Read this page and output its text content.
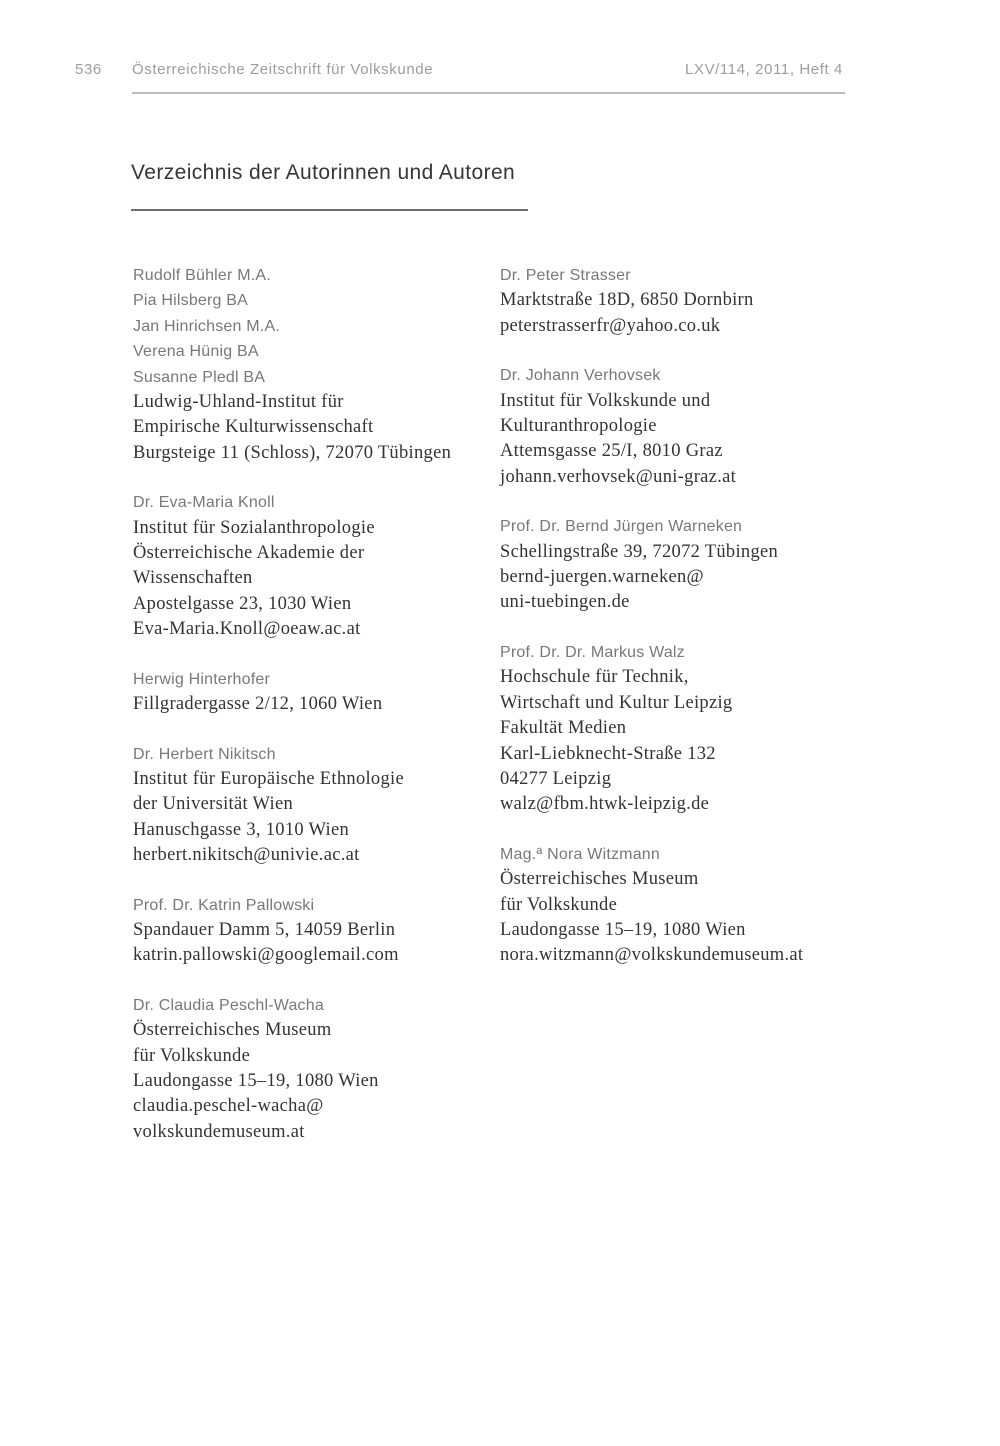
536 Österreichische Zeitschrift für Volkskunde	LXV/114, 2011, Heft 4
Verzeichnis der Autorinnen und Autoren
Rudolf Bühler M.A.
Pia Hilsberg BA
Jan Hinrichsen M.A.
Verena Hünig BA
Susanne Pledl BA
Ludwig-Uhland-Institut für
Empirische Kulturwissenschaft
Burgsteige 11 (Schloss), 72070 Tübingen
Dr. Eva-Maria Knoll
Institut für Sozialanthropologie
Österreichische Akademie der
Wissenschaften
Apostelgasse 23, 1030 Wien
Eva-Maria.Knoll@oeaw.ac.at
Herwig Hinterhofer
Fillgradergasse 2/12, 1060 Wien
Dr. Herbert Nikitsch
Institut für Europäische Ethnologie
der Universität Wien
Hanuschgasse 3, 1010 Wien
herbert.nikitsch@univie.ac.at
Prof. Dr. Katrin Pallowski
Spandauer Damm 5, 14059 Berlin
katrin.pallowski@googlemail.com
Dr. Claudia Peschl-Wacha
Österreichisches Museum
für Volkskunde
Laudongasse 15–19, 1080 Wien
claudia.peschel-wacha@
volkskundemuseum.at
Dr. Peter Strasser
Marktstraße 18D, 6850 Dornbirn
peterstrasserfr@yahoo.co.uk
Dr. Johann Verhovsek
Institut für Volkskunde und
Kulturanthropologie
Attemsgasse 25/I, 8010 Graz
johann.verhovsek@uni-graz.at
Prof. Dr. Bernd Jürgen Warneken
Schellingstraße 39, 72072 Tübingen
bernd-juergen.warneken@
uni-tuebingen.de
Prof. Dr. Dr. Markus Walz
Hochschule für Technik,
Wirtschaft und Kultur Leipzig
Fakultät Medien
Karl-Liebknecht-Straße 132
04277 Leipzig
walz@fbm.htwk-leipzig.de
Mag.ª Nora Witzmann
Österreichisches Museum
für Volkskunde
Laudongasse 15–19, 1080 Wien
nora.witzmann@volkskundemuseum.at
